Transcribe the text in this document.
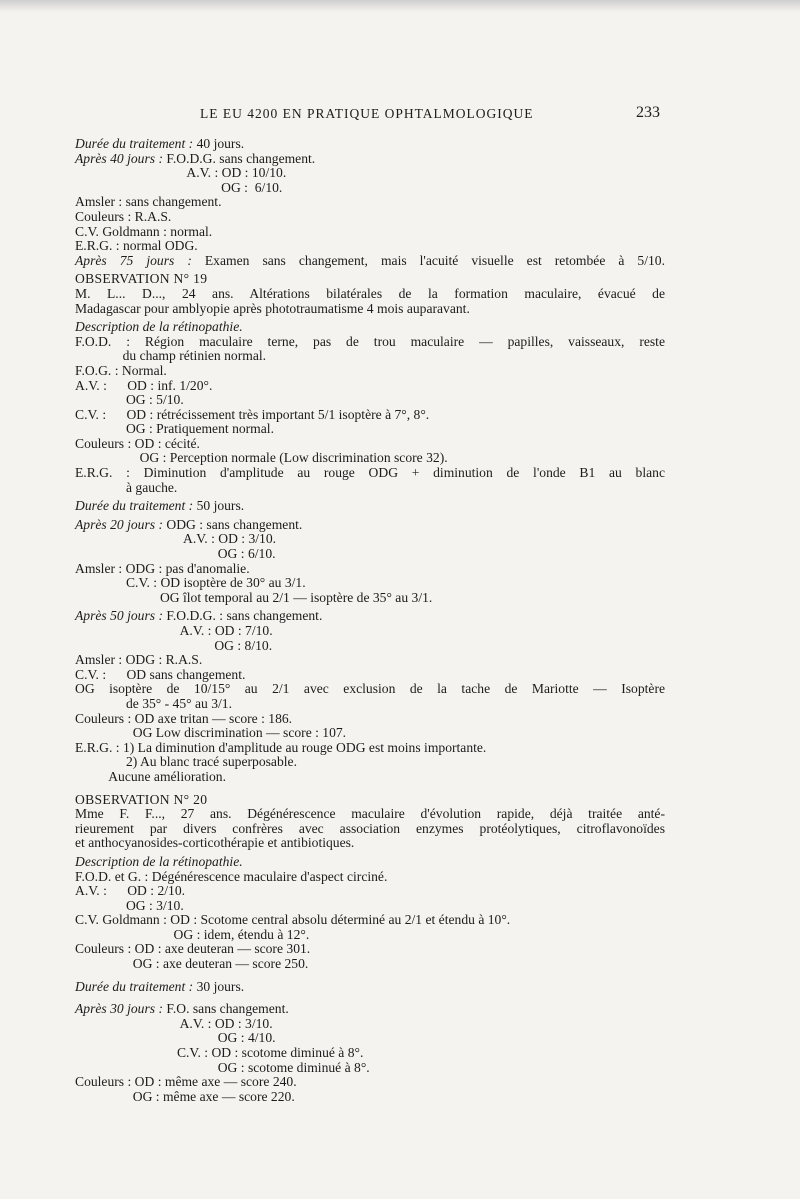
LE EU 4200 EN PRATIQUE OPHTALMOLOGIQUE	233
Durée du traitement : 40 jours.
Après 40 jours : F.O.D.G. sans changement.
A.V. : OD : 10/10.
OG :  6/10.
Amsler : sans changement.
Couleurs : R.A.S.
C.V. Goldmann : normal.
E.R.G. : normal ODG.
Après 75 jours : Examen sans changement, mais l'acuité visuelle est retombée à 5/10.
OBSERVATION N° 19
M. L... D..., 24 ans. Altérations bilatérales de la formation maculaire, évacué de
Madagascar pour amblyopie après phototraumatisme 4 mois auparavant.
Description de la rétinopathie.
F.O.D. : Région maculaire terne, pas de trou maculaire — papilles, vaisseaux, reste
du champ rétinien normal.
F.O.G. : Normal.
A.V. :      OD : inf. 1/20°.
OG : 5/10.
C.V. :      OD : rétrécissement très important 5/1 isoptère à 7°, 8°.
OG : Pratiquement normal.
Couleurs : OD : cécité.
OG : Perception normale (Low discrimination score 32).
E.R.G. : Diminution d'amplitude au rouge ODG + diminution de l'onde B1 au blanc
à gauche.
Durée du traitement : 50 jours.
Après 20 jours : ODG : sans changement.
A.V. : OD : 3/10.
OG : 6/10.
Amsler : ODG : pas d'anomalie.
C.V. : OD isoptère de 30° au 3/1.
OG îlot temporal au 2/1 — isoptère de 35° au 3/1.
Après 50 jours : F.O.D.G. : sans changement.
A.V. : OD : 7/10.
OG : 8/10.
Amsler : ODG : R.A.S.
C.V. :      OD sans changement.
OG isoptère de 10/15° au 2/1 avec exclusion de la tache de Mariotte — Isoptère
de 35° - 45° au 3/1.
Couleurs : OD axe tritan — score : 186.
OG Low discrimination — score : 107.
E.R.G. : 1) La diminution d'amplitude au rouge ODG est moins importante.
2) Au blanc tracé superposable.
Aucune amélioration.
OBSERVATION N° 20
Mme F. F..., 27 ans. Dégénérescence maculaire d'évolution rapide, déjà traitée anté-
rieurement par divers confrères avec association enzymes protéolytiques, citroflavonoïdes
et anthocyanosides-corticothérapie et antibiotiques.
Description de la rétinopathie.
F.O.D. et G. : Dégénérescence maculaire d'aspect circiné.
A.V. :      OD : 2/10.
OG : 3/10.
C.V. Goldmann : OD : Scotome central absolu déterminé au 2/1 et étendu à 10°.
OG : idem, étendu à 12°.
Couleurs : OD : axe deuteran — score 301.
OG : axe deuteran — score 250.
Durée du traitement : 30 jours.
Après 30 jours : F.O. sans changement.
A.V. : OD : 3/10.
OG : 4/10.
C.V. : OD : scotome diminué à 8°.
OG : scotome diminué à 8°.
Couleurs : OD : même axe — score 240.
OG : même axe — score 220.
